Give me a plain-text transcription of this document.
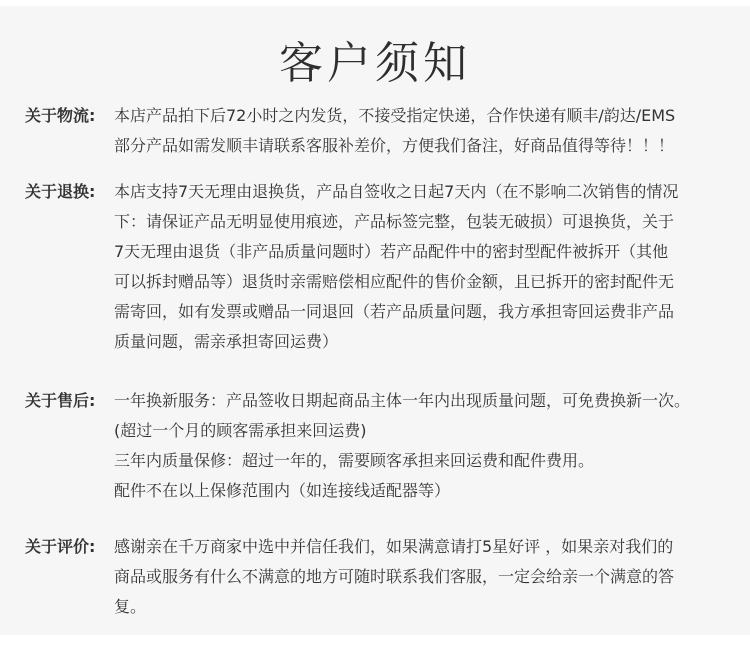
客户须知
关于物流:	本店产品拍下后72小时之内发货，不接受指定快递，合作快递有顺丰/韵达/EMS
部分产品如需发顺丰请联系客服补差价，方便我们备注，好商品值得等待！！！
关于退换:	本店支持7天无理由退换货，产品自签收之日起7天内（在不影响二次销售的情况
下：请保证产品无明显使用痕迹，产品标签完整，包装无破损）可退换货，关于
7天无理由退货（非产品质量问题时）若产品配件中的密封型配件被拆开（其他
可以拆封赠品等）退货时亲需赔偿相应配件的售价金额，且已拆开的密封配件无
需寄回，如有发票或赠品一同退回（若产品质量问题，我方承担寄回运费非产品
质量问题，需亲承担寄回运费）
关于售后:	一年换新服务：产品签收日期起商品主体一年内出现质量问题，可免费换新一次。
(超过一个月的顾客需承担来回运费)
三年内质量保修：超过一年的，需要顾客承担来回运费和配件费用。
配件不在以上保修范围内（如连接线适配器等）
关于评价:	感谢亲在千万商家中选中并信任我们，如果满意请打5星好评 ，如果亲对我们的
商品或服务有什么不满意的地方可随时联系我们客服，一定会给亲一个满意的答
复。
